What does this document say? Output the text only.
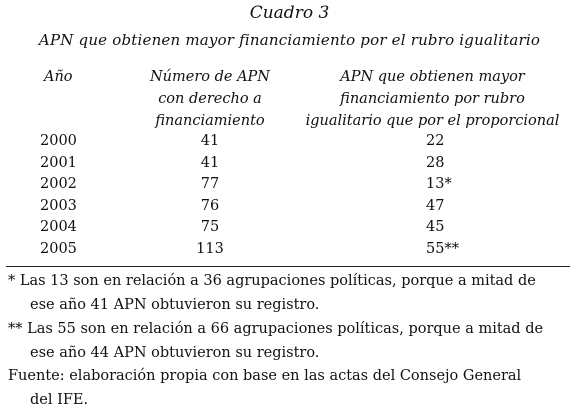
Cuadro 3
APN que obtienen mayor financiamiento por el rubro igualitario
Año	Número de APN
con derecho a
financiamiento
APN que obtienen mayor
financiamiento por rubro
igualitario que por el proporcional
2000	41	22
2001	41	28
2002	77	13*
2003	76	47
2004	75	45
2005	113	55**
* Las 13 son en relación a 36 agrupaciones políticas, porque a mitad de
ese año 41 APN obtuvieron su registro.
** Las 55 son en relación a 66 agrupaciones políticas, porque a mitad de
ese año 44 APN obtuvieron su registro.
Fuente: elaboración propia con base en las actas del Consejo General
del IFE.
